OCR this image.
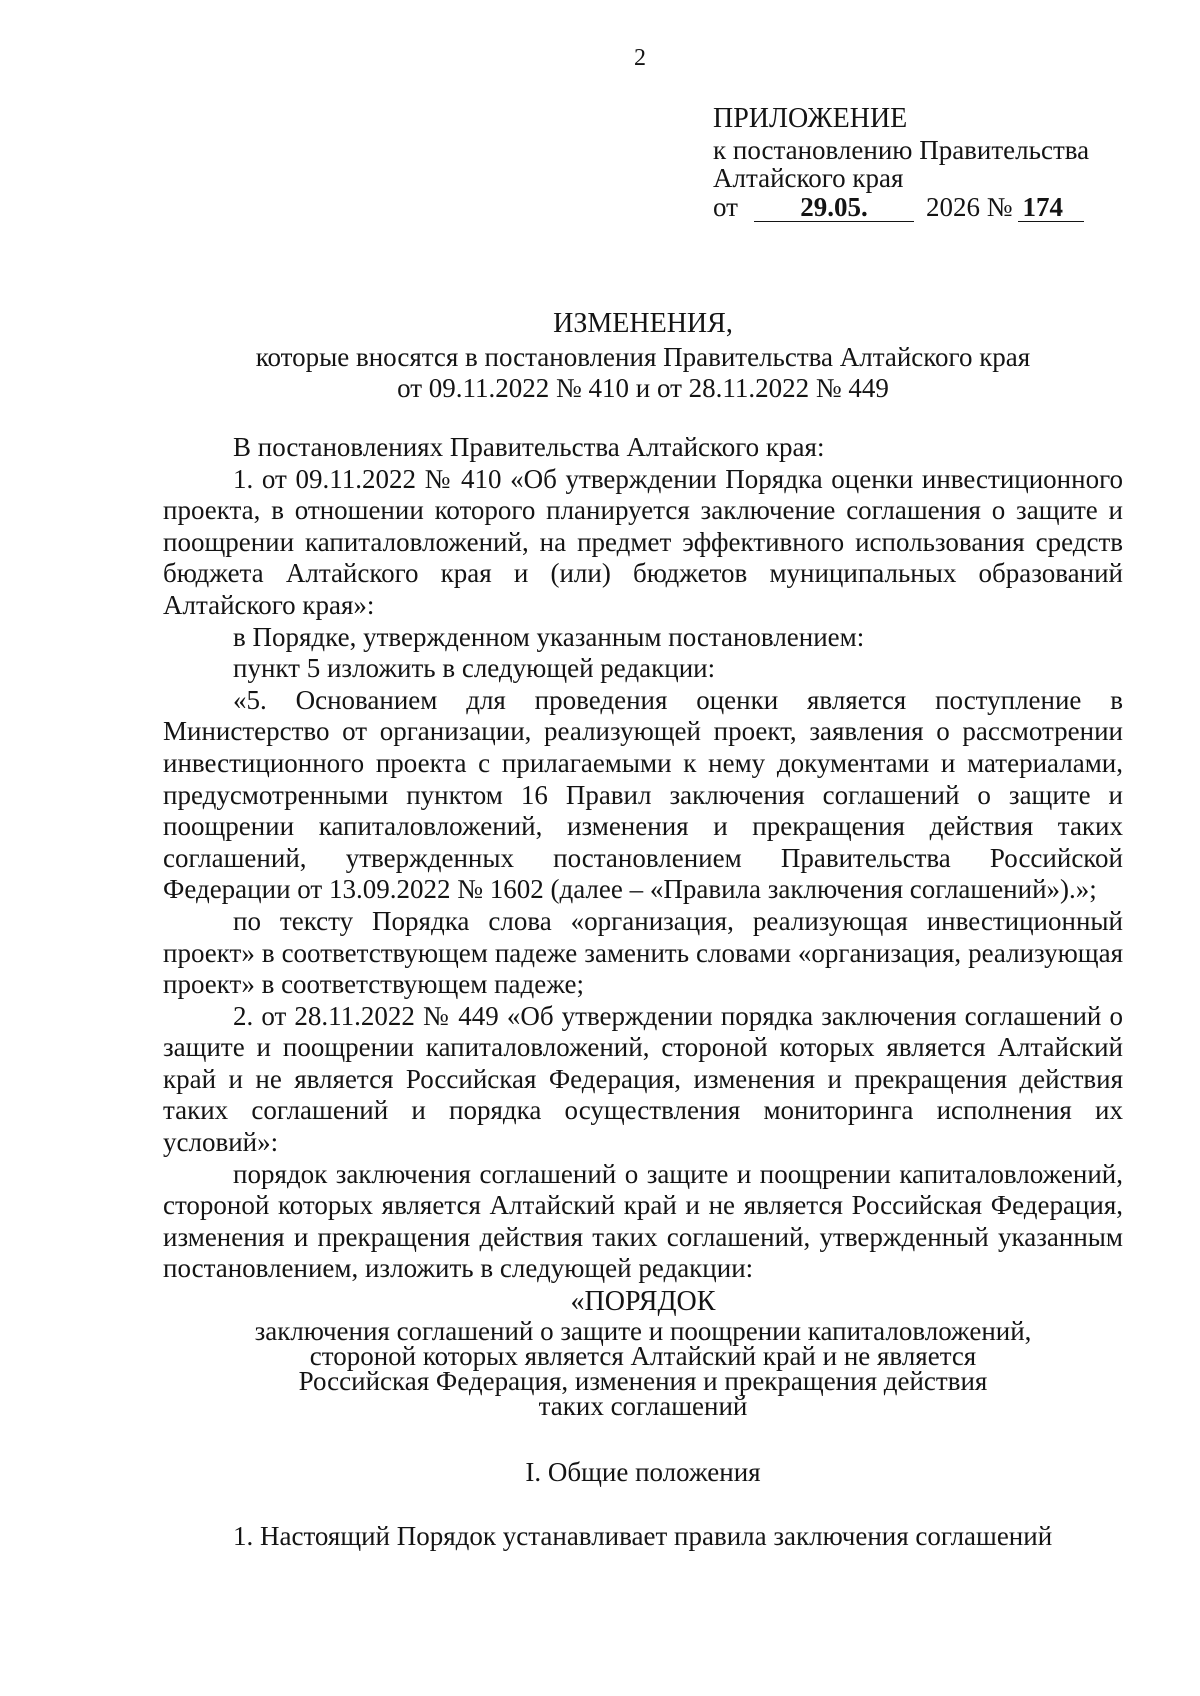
2
ПРИЛОЖЕНИЕ
к постановлению Правительства
Алтайского края
от	29.05.	2026 № 174
ИЗМЕНЕНИЯ,
которые вносятся в постановления Правительства Алтайского края
от 09.11.2022 № 410 и от 28.11.2022 № 449

В постановлениях Правительства Алтайского края:

1. от 09.11.2022 № 410 «Об утверждении Порядка оценки инвестиционного проекта, в отношении которого планируется заключение соглашения о защите и поощрении капиталовложений, на предмет эффективного использования средств бюджета Алтайского края и (или) бюджетов муниципальных образований Алтайского края»:

в Порядке, утвержденном указанным постановлением:

пункт 5 изложить в следующей редакции:

«5. Основанием для проведения оценки является поступление в Министерство от организации, реализующей проект, заявления о рассмотрении инвестиционного проекта с прилагаемыми к нему документами и материалами, предусмотренными пунктом 16 Правил заключения соглашений о защите и поощрении капиталовложений, изменения и прекращения действия таких соглашений, утвержденных постановлением Правительства Российской Федерации от 13.09.2022 № 1602 (далее – «Правила заключения соглашений»).»;

по тексту Порядка слова «организация, реализующая инвестиционный проект» в соответствующем падеже заменить словами «организация, реализующая проект» в соответствующем падеже;

2. от 28.11.2022 № 449 «Об утверждении порядка заключения соглашений о защите и поощрении капиталовложений, стороной которых является Алтайский край и не является Российская Федерация, изменения и прекращения действия таких соглашений и порядка осуществления мониторинга исполнения их условий»:

порядок заключения соглашений о защите и поощрении капиталовложений, стороной которых является Алтайский край и не является Российская Федерация, изменения и прекращения действия таких соглашений, утвержденный указанным постановлением, изложить в следующей редакции:

«ПОРЯДОК
заключения соглашений о защите и поощрении капиталовложений,
стороной которых является Алтайский край и не является
Российская Федерация, изменения и прекращения действия
таких соглашений
I. Общие положения

1. Настоящий Порядок устанавливает правила заключения соглашений
